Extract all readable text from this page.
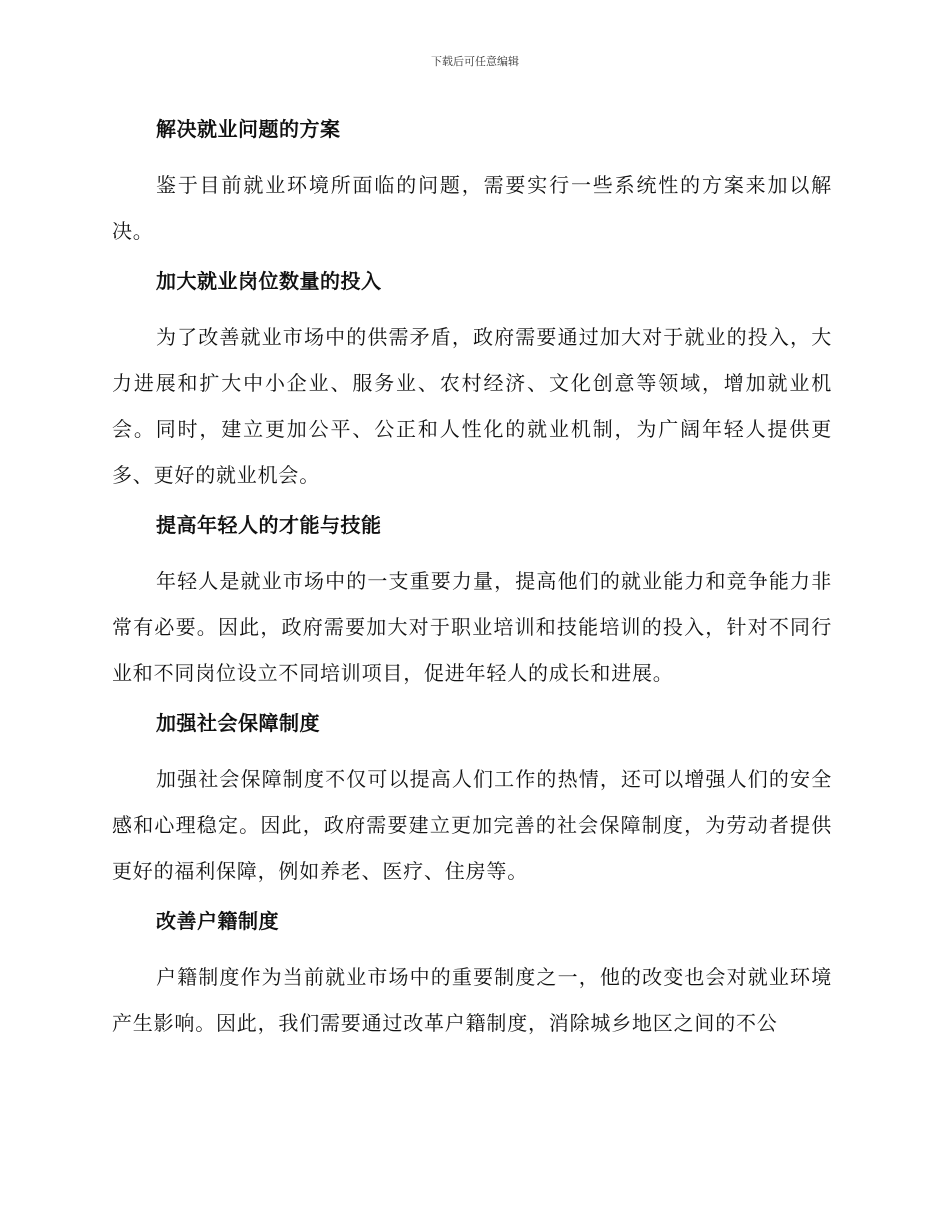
下载后可任意编辑
解决就业问题的方案

鉴于目前就业环境所面临的问题，需要实行一些系统性的方案来加以解决。

加大就业岗位数量的投入

为了改善就业市场中的供需矛盾，政府需要通过加大对于就业的投入，大力进展和扩大中小企业、服务业、农村经济、文化创意等领域，增加就业机会。同时，建立更加公平、公正和人性化的就业机制，为广阔年轻人提供更多、更好的就业机会。

提高年轻人的才能与技能

年轻人是就业市场中的一支重要力量，提高他们的就业能力和竞争能力非常有必要。因此，政府需要加大对于职业培训和技能培训的投入，针对不同行业和不同岗位设立不同培训项目，促进年轻人的成长和进展。

加强社会保障制度

加强社会保障制度不仅可以提高人们工作的热情，还可以增强人们的安全感和心理稳定。因此，政府需要建立更加完善的社会保障制度，为劳动者提供更好的福利保障，例如养老、医疗、住房等。

改善户籍制度

户籍制度作为当前就业市场中的重要制度之一，他的改变也会对就业环境产生影响。因此，我们需要通过改革户籍制度，消除城乡地区之间的不公
